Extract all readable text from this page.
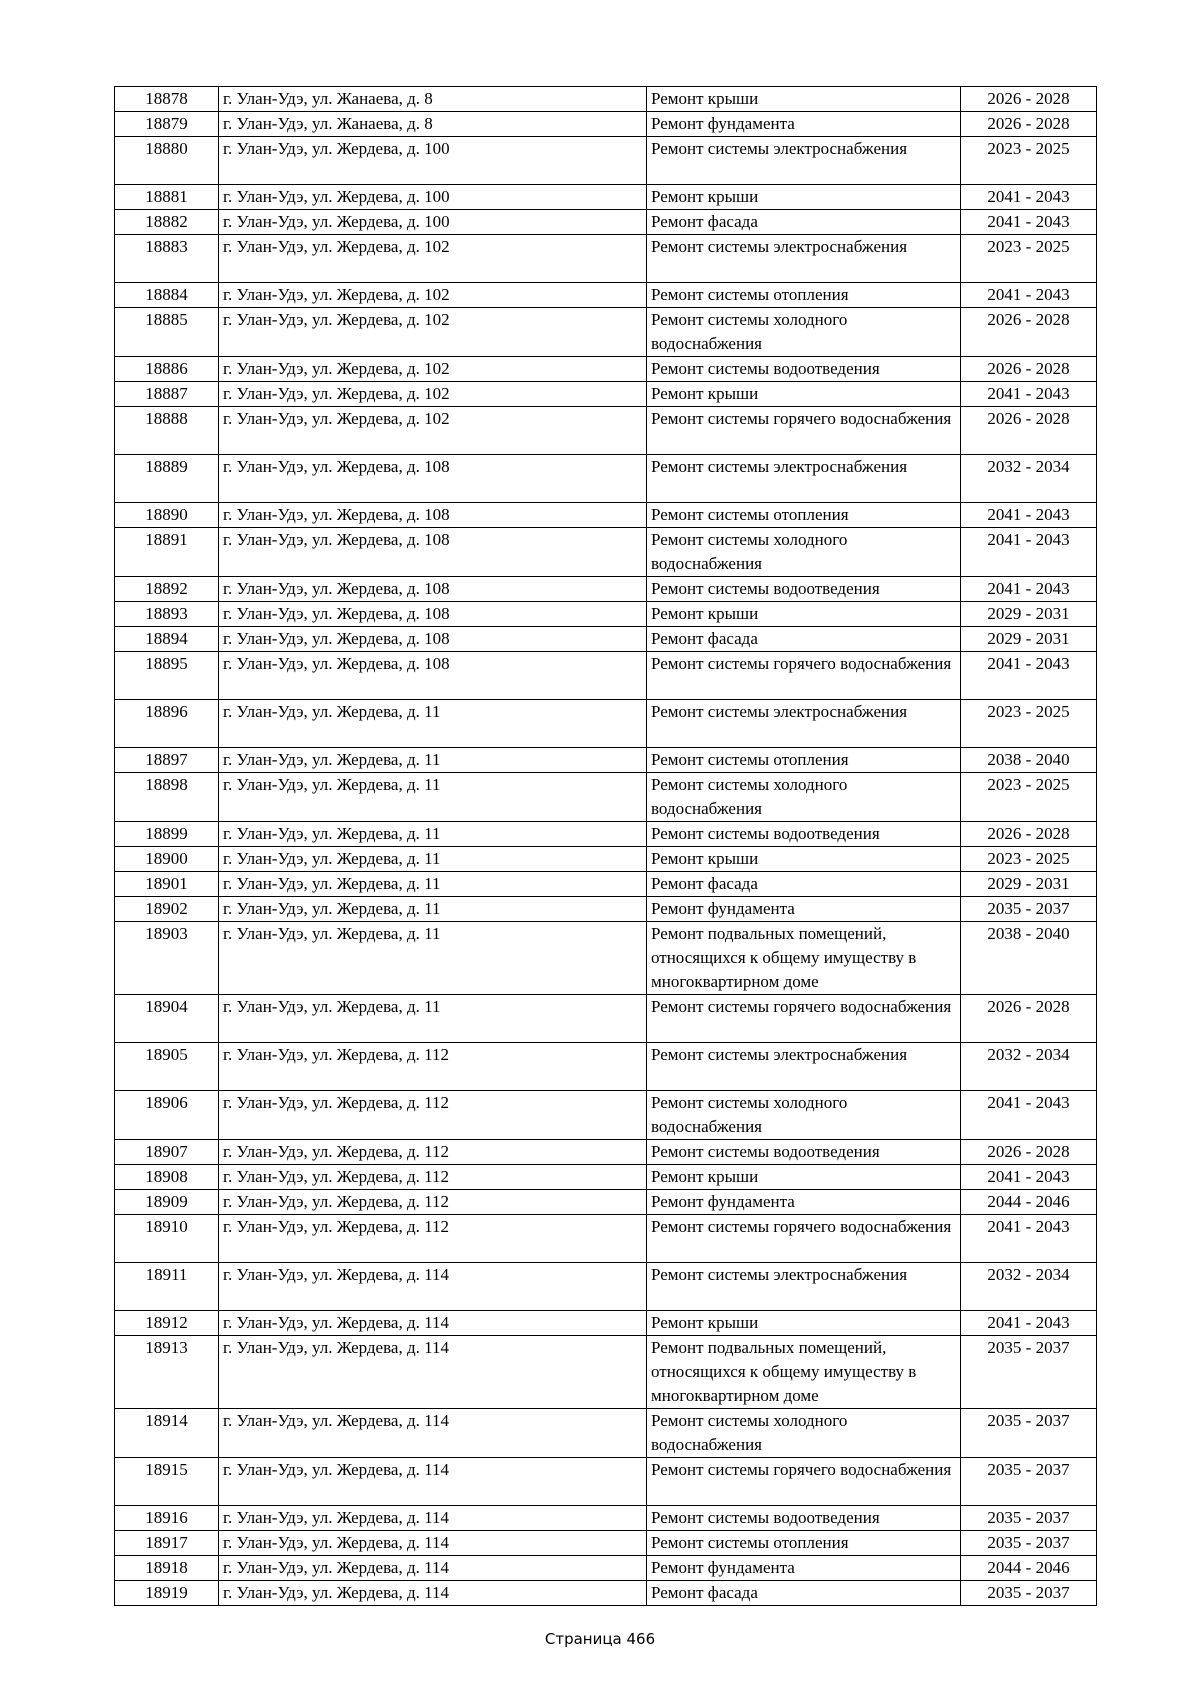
18878	г. Улан-Удэ, ул. Жанаева, д. 8	Ремонт крыши	2026 - 2028
18879	г. Улан-Удэ, ул. Жанаева, д. 8	Ремонт фундамента	2026 - 2028
18880	г. Улан-Удэ, ул. Жердева, д. 100	Ремонт системы электроснабжения	2023 - 2025
18881	г. Улан-Удэ, ул. Жердева, д. 100	Ремонт крыши	2041 - 2043
18882	г. Улан-Удэ, ул. Жердева, д. 100	Ремонт фасада	2041 - 2043
18883	г. Улан-Удэ, ул. Жердева, д. 102	Ремонт системы электроснабжения	2023 - 2025
18884	г. Улан-Удэ, ул. Жердева, д. 102	Ремонт системы отопления	2041 - 2043
18885	г. Улан-Удэ, ул. Жердева, д. 102	Ремонт системы холодного водоснабжения	2026 - 2028
18886	г. Улан-Удэ, ул. Жердева, д. 102	Ремонт системы водоотведения	2026 - 2028
18887	г. Улан-Удэ, ул. Жердева, д. 102	Ремонт крыши	2041 - 2043
18888	г. Улан-Удэ, ул. Жердева, д. 102	Ремонт системы горячего водоснабжения	2026 - 2028
18889	г. Улан-Удэ, ул. Жердева, д. 108	Ремонт системы электроснабжения	2032 - 2034
18890	г. Улан-Удэ, ул. Жердева, д. 108	Ремонт системы отопления	2041 - 2043
18891	г. Улан-Удэ, ул. Жердева, д. 108	Ремонт системы холодного водоснабжения	2041 - 2043
18892	г. Улан-Удэ, ул. Жердева, д. 108	Ремонт системы водоотведения	2041 - 2043
18893	г. Улан-Удэ, ул. Жердева, д. 108	Ремонт крыши	2029 - 2031
18894	г. Улан-Удэ, ул. Жердева, д. 108	Ремонт фасада	2029 - 2031
18895	г. Улан-Удэ, ул. Жердева, д. 108	Ремонт системы горячего водоснабжения	2041 - 2043
18896	г. Улан-Удэ, ул. Жердева, д. 11	Ремонт системы электроснабжения	2023 - 2025
18897	г. Улан-Удэ, ул. Жердева, д. 11	Ремонт системы отопления	2038 - 2040
18898	г. Улан-Удэ, ул. Жердева, д. 11	Ремонт системы холодного водоснабжения	2023 - 2025
18899	г. Улан-Удэ, ул. Жердева, д. 11	Ремонт системы водоотведения	2026 - 2028
18900	г. Улан-Удэ, ул. Жердева, д. 11	Ремонт крыши	2023 - 2025
18901	г. Улан-Удэ, ул. Жердева, д. 11	Ремонт фасада	2029 - 2031
18902	г. Улан-Удэ, ул. Жердева, д. 11	Ремонт фундамента	2035 - 2037
18903	г. Улан-Удэ, ул. Жердева, д. 11	Ремонт подвальных помещений, относящихся к общему имуществу в многоквартирном доме	2038 - 2040
18904	г. Улан-Удэ, ул. Жердева, д. 11	Ремонт системы горячего водоснабжения	2026 - 2028
18905	г. Улан-Удэ, ул. Жердева, д. 112	Ремонт системы электроснабжения	2032 - 2034
18906	г. Улан-Удэ, ул. Жердева, д. 112	Ремонт системы холодного водоснабжения	2041 - 2043
18907	г. Улан-Удэ, ул. Жердева, д. 112	Ремонт системы водоотведения	2026 - 2028
18908	г. Улан-Удэ, ул. Жердева, д. 112	Ремонт крыши	2041 - 2043
18909	г. Улан-Удэ, ул. Жердева, д. 112	Ремонт фундамента	2044 - 2046
18910	г. Улан-Удэ, ул. Жердева, д. 112	Ремонт системы горячего водоснабжения	2041 - 2043
18911	г. Улан-Удэ, ул. Жердева, д. 114	Ремонт системы электроснабжения	2032 - 2034
18912	г. Улан-Удэ, ул. Жердева, д. 114	Ремонт крыши	2041 - 2043
18913	г. Улан-Удэ, ул. Жердева, д. 114	Ремонт подвальных помещений, относящихся к общему имуществу в многоквартирном доме	2035 - 2037
18914	г. Улан-Удэ, ул. Жердева, д. 114	Ремонт системы холодного водоснабжения	2035 - 2037
18915	г. Улан-Удэ, ул. Жердева, д. 114	Ремонт системы горячего водоснабжения	2035 - 2037
18916	г. Улан-Удэ, ул. Жердева, д. 114	Ремонт системы водоотведения	2035 - 2037
18917	г. Улан-Удэ, ул. Жердева, д. 114	Ремонт системы отопления	2035 - 2037
18918	г. Улан-Удэ, ул. Жердева, д. 114	Ремонт фундамента	2044 - 2046
18919	г. Улан-Удэ, ул. Жердева, д. 114	Ремонт фасада	2035 - 2037
Страница 466
